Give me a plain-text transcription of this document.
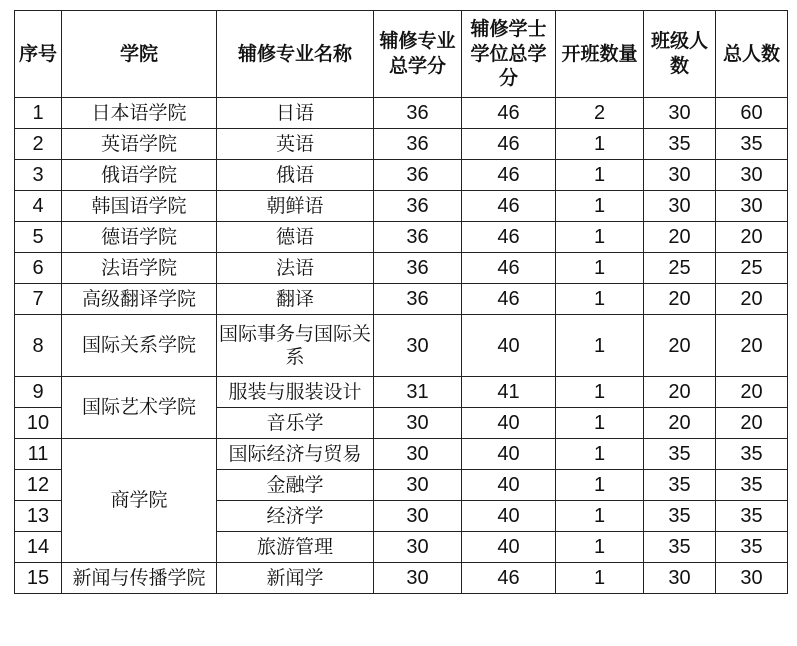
序号	学院	辅修专业名称	辅修专业总学分	辅修学士学位总学分	开班数量	班级人数	总人数
1	日本语学院	日语	36	46	2	30	60
2	英语学院	英语	36	46	1	35	35
3	俄语学院	俄语	36	46	1	30	30
4	韩国语学院	朝鲜语	36	46	1	30	30
5	德语学院	德语	36	46	1	20	20
6	法语学院	法语	36	46	1	25	25
7	高级翻译学院	翻译	36	46	1	20	20
8	国际关系学院	国际事务与国际关系	30	40	1	20	20
9	国际艺术学院	服装与服装设计	31	41	1	20	20
10		音乐学	30	40	1	20	20
11	商学院	国际经济与贸易	30	40	1	35	35
12		金融学	30	40	1	35	35
13		经济学	30	40	1	35	35
14		旅游管理	30	40	1	35	35
15	新闻与传播学院	新闻学	30	46	1	30	30
